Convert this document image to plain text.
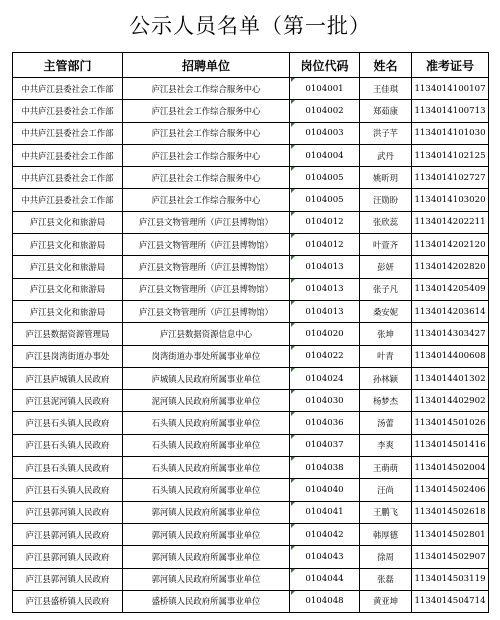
公示人员名单（第一批）
主管部门	招聘单位	岗位代码	姓名	准考证号
中共庐江县委社会工作部	庐江县社会工作综合服务中心	0104001	王佳琪	1134014100107
中共庐江县委社会工作部	庐江县社会工作综合服务中心	0104002	郑茹康	1134014100713
中共庐江县委社会工作部	庐江县社会工作综合服务中心	0104003	洪子芊	1134014101030
中共庐江县委社会工作部	庐江县社会工作综合服务中心	0104004	武丹	1134014102125
中共庐江县委社会工作部	庐江县社会工作综合服务中心	0104005	姚昕玥	1134014102727
中共庐江县委社会工作部	庐江县社会工作综合服务中心	0104005	汪勋盼	1134014103020
庐江县文化和旅游局	庐江县文物管理所（庐江县博物馆）	0104012	张欣蕊	1134014202211
庐江县文化和旅游局	庐江县文物管理所（庐江县博物馆）	0104012	叶萱齐	1134014202120
庐江县文化和旅游局	庐江县文物管理所（庐江县博物馆）	0104013	彭妍	1134014202820
庐江县文化和旅游局	庐江县文物管理所（庐江县博物馆）	0104013	张子凡	1134014205409
庐江县文化和旅游局	庐江县文物管理所（庐江县博物馆）	0104013	桑安妮	1134014203614
庐江县数据资源管理局	庐江县数据资源信息中心	0104020	张坤	1134014303427
庐江县岗湾街道办事处	岗湾街道办事处所属事业单位	0104022	叶青	1134014400608
庐江县庐城镇人民政府	庐城镇人民政府所属事业单位	0104024	孙林颖	1134014401302
庐江县泥河镇人民政府	泥河镇人民政府所属事业单位	0104030	杨梦杰	1134014402902
庐江县石头镇人民政府	石头镇人民政府所属事业单位	0104036	汤蕾	1134014501026
庐江县石头镇人民政府	石头镇人民政府所属事业单位	0104037	李爽	1134014501416
庐江县石头镇人民政府	石头镇人民政府所属事业单位	0104038	王萌萌	1134014502004
庐江县石头镇人民政府	石头镇人民政府所属事业单位	0104040	汪尚	1134014502406
庐江县郭河镇人民政府	郭河镇人民政府所属事业单位	0104041	王鹏飞	1134014502618
庐江县郭河镇人民政府	郭河镇人民政府所属事业单位	0104042	韩厚德	1134014502801
庐江县郭河镇人民政府	郭河镇人民政府所属事业单位	0104043	徐周	1134014502907
庐江县郭河镇人民政府	郭河镇人民政府所属事业单位	0104044	张磊	1134014503119
庐江县盛桥镇人民政府	盛桥镇人民政府所属事业单位	0104048	黄亚坤	1134014504714
